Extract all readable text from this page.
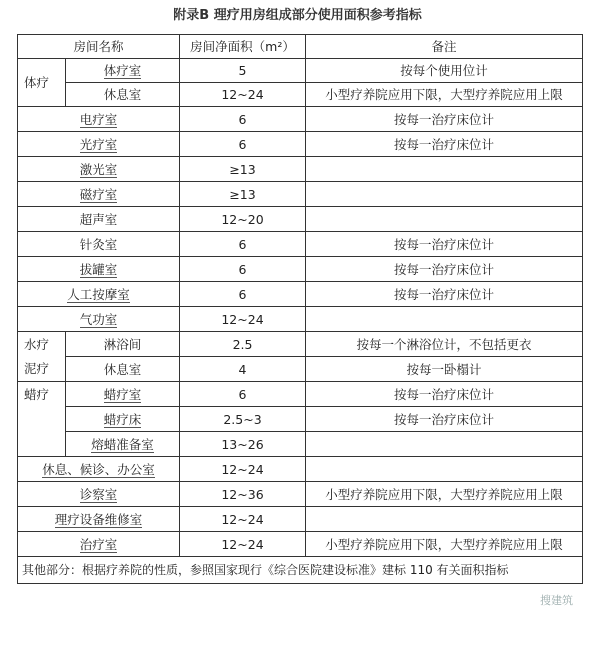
附录B 理疗用房组成部分使用面积参考指标
房间名称		房间净面积（m²）	备注
体疗	体疗室	5	按每个使用位计
	休息室	12~24	小型疗养院应用下限，大型疗养院应用上限
电疗室		6	按每一治疗床位计
光疗室		6	按每一治疗床位计
激光室		≥13	
磁疗室		≥13	
超声室		12~20	
针灸室		6	按每一治疗床位计
拔罐室		6	按每一治疗床位计
人工按摩室		6	按每一治疗床位计
气功室		12~24	
水疗	淋浴间	2.5	按每一个淋浴位计，不包括更衣
泥疗	休息室	4	按每一卧榻计
蜡疗	蜡疗室	6	按每一治疗床位计
	蜡疗床	2.5~3	按每一治疗床位计
	熔蜡准备室	13~26	
休息、候诊、办公室		12~24	
诊察室		12~36	小型疗养院应用下限，大型疗养院应用上限
理疗设备维修室		12~24	
治疗室		12~24	小型疗养院应用下限，大型疗养院应用上限
其他部分：根据疗养院的性质，参照国家现行《综合医院建设标准》建标 110 有关面积指标			
搜建筑
